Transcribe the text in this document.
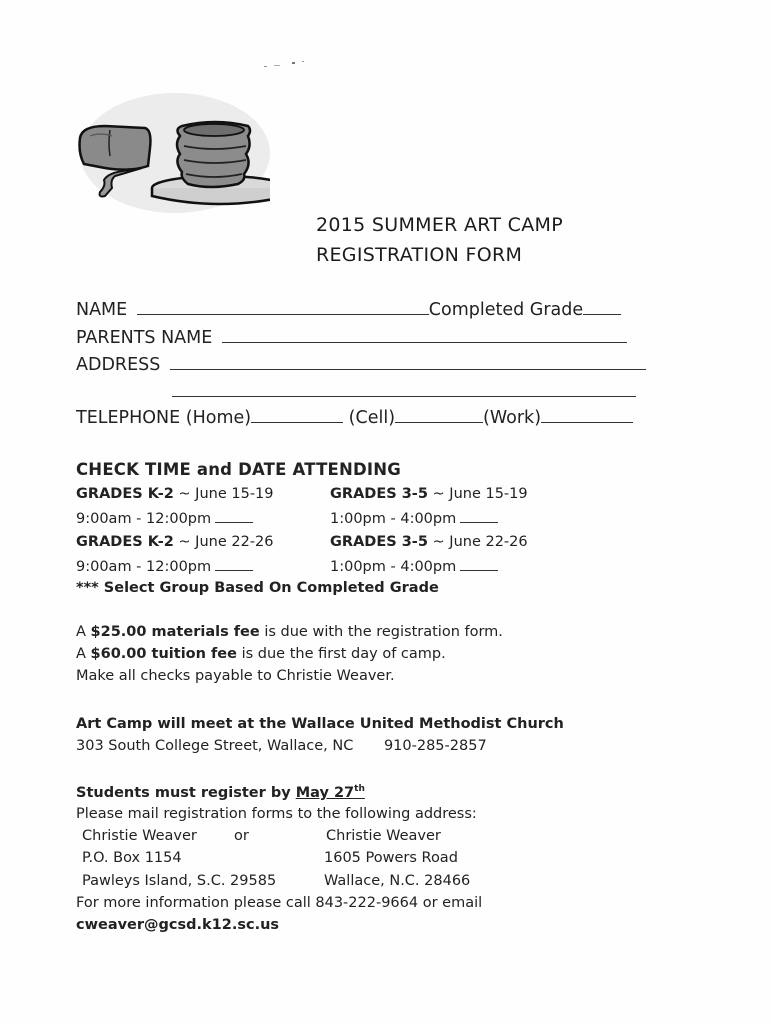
2015 SUMMER ART CAMP
REGISTRATION FORM
NAME	Completed Grade
PARENTS NAME
ADDRESS
TELEPHONE (Home)	(Cell)	(Work)
CHECK TIME and DATE ATTENDING
GRADES K-2 ~ June 15-19	GRADES 3-5 ~ June 15-19
9:00am - 12:00pm	1:00pm - 4:00pm
GRADES K-2 ~ June 22-26	GRADES 3-5 ~ June 22-26
9:00am - 12:00pm	1:00pm - 4:00pm
*** Select Group Based On Completed Grade
A $25.00 materials fee is due with the registration form.
A $60.00 tuition fee is due the first day of camp.
Make all checks payable to Christie Weaver.
Art Camp will meet at the Wallace United Methodist Church
303 South College Street, Wallace, NC 910-285-2857
Students must register by May 27th
Please mail registration forms to the following address:
Christie Weaver	or	Christie Weaver
P.O. Box 1154	1605 Powers Road
Pawleys Island, S.C. 29585	Wallace, N.C. 28466
For more information please call 843-222-9664 or email
cweaver@gcsd.k12.sc.us
